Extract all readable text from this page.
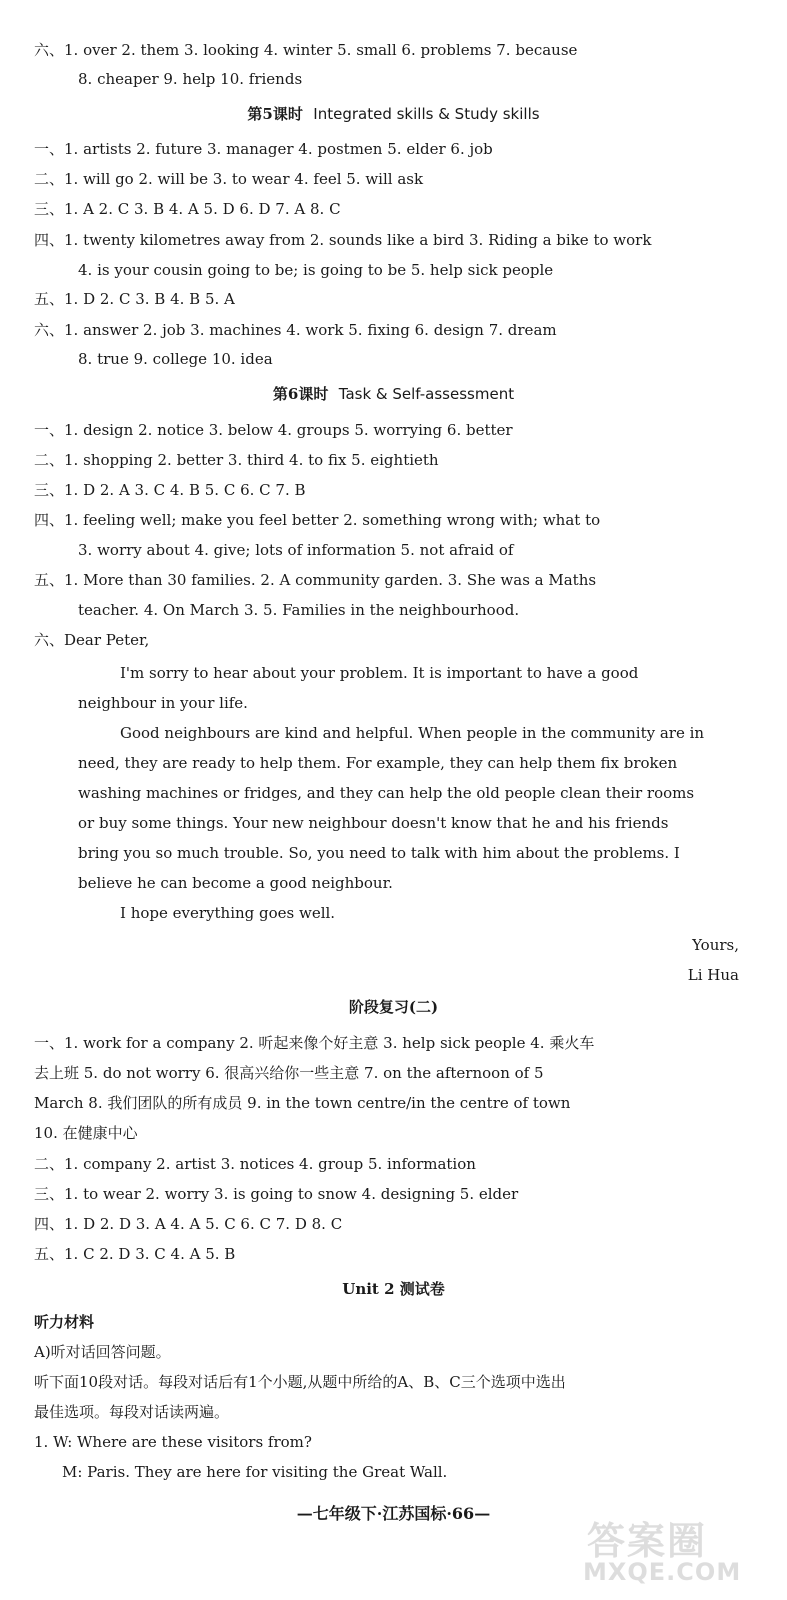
六、1. over 2. them 3. looking 4. winter 5. small 6. problems 7. because
8. cheaper 9. help 10. friends
第5课时 Integrated skills & Study skills
一、1. artists 2. future 3. manager 4. postmen 5. elder 6. job
二、1. will go 2. will be 3. to wear 4. feel 5. will ask
三、1. A 2. C 3. B 4. A 5. D 6. D 7. A 8. C
四、1. twenty kilometres away from 2. sounds like a bird 3. Riding a bike to work
4. is your cousin going to be; is going to be 5. help sick people
五、1. D 2. C 3. B 4. B 5. A
六、1. answer 2. job 3. machines 4. work 5. fixing 6. design 7. dream
8. true 9. college 10. idea
第6课时 Task & Self-assessment
一、1. design 2. notice 3. below 4. groups 5. worrying 6. better
二、1. shopping 2. better 3. third 4. to fix 5. eightieth
三、1. D 2. A 3. C 4. B 5. C 6. C 7. B
四、1. feeling well; make you feel better 2. something wrong with; what to
3. worry about 4. give; lots of information 5. not afraid of
五、1. More than 30 families. 2. A community garden. 3. She was a Maths
teacher. 4. On March 3. 5. Families in the neighbourhood.
六、Dear Peter,
I'm sorry to hear about your problem. It is important to have a good
neighbour in your life.
Good neighbours are kind and helpful. When people in the community are in
need, they are ready to help them. For example, they can help them fix broken
washing machines or fridges, and they can help the old people clean their rooms
or buy some things. Your new neighbour doesn't know that he and his friends
bring you so much trouble. So, you need to talk with him about the problems. I
believe he can become a good neighbour.
I hope everything goes well.
Yours,
Li Hua
阶段复习(二)
一、1. work for a company 2. 听起来像个好主意 3. help sick people 4. 乘火车
去上班 5. do not worry 6. 很高兴给你一些主意 7. on the afternoon of 5
March 8. 我们团队的所有成员 9. in the town centre/in the centre of town
10. 在健康中心
二、1. company 2. artist 3. notices 4. group 5. information
三、1. to wear 2. worry 3. is going to snow 4. designing 5. elder
四、1. D 2. D 3. A 4. A 5. C 6. C 7. D 8. C
五、1. C 2. D 3. C 4. A 5. B
Unit 2 测试卷
听力材料
A)听对话回答问题。
听下面10段对话。每段对话后有1个小题,从题中所给的A、B、C三个选项中选出
最佳选项。每段对话读两遍。
1. W: Where are these visitors from?
M: Paris. They are here for visiting the Great Wall.
—七年级下·江苏国标·66—
答案圈
MXQE.COM
